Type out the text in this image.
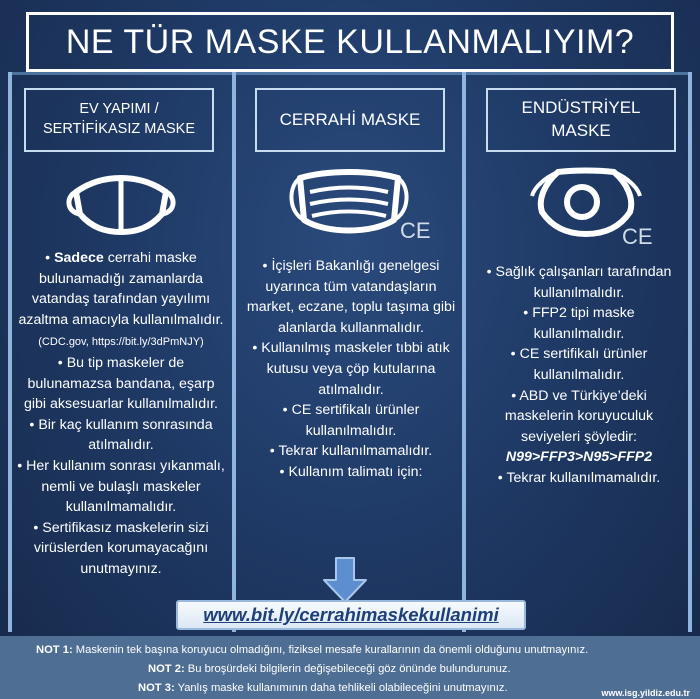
NE TÜR MASKE KULLANMALIYIM?
EV YAPIMI /
SERTİFİKASIZ MASKE
CERRAHİ MASKE
ENDÜSTRİYEL
MASKE
CE	CE

• Sadece cerrahi maske bulunamadığı zamanlarda vatandaş tarafından yayılımı azaltma amacıyla kullanılmalıdır. (CDC.gov, https://bit.ly/3dPmNJY)

• Bu tip maskeler de bulunamazsa bandana, eşarp gibi aksesuarlar kullanılmalıdır.

• Bir kaç kullanım sonrasında atılmalıdır.

• Her kullanım sonrası yıkanmalı, nemli ve bulaşlı maskeler kullanılmamalıdır.

• Sertifikasız maskelerin sizi virüslerden korumayacağını unutmayınız.

• İçişleri Bakanlığı genelgesi uyarınca tüm vatandaşların market, eczane, toplu taşıma gibi alanlarda kullanmalıdır.

• Kullanılmış maskeler tıbbi atık kutusu veya çöp kutularına atılmalıdır.

• CE sertifikalı ürünler kullanılmalıdır.

• Tekrar kullanılmamalıdır.

• Kullanım talimatı için:

• Sağlık çalışanları tarafından kullanılmalıdır.

• FFP2 tipi maske kullanılmalıdır.

• CE sertifikalı ürünler kullanılmalıdır.

• ABD ve Türkiye’deki maskelerin koruyuculuk seviyeleri şöyledir:
N99>FFP3>N95>FFP2

• Tekrar kullanılmamalıdır.

www.bit.ly/cerrahimaskekullanimi
NOT 1: Maskenin tek başına koruyucu olmadığını, fiziksel mesafe kurallarının da önemli olduğunu unutmayınız.
NOT 2: Bu broşürdeki bilgilerin değişebileceği göz önünde bulundurunuz.
NOT 3: Yanlış maske kullanımının daha tehlikeli olabileceğini unutmayınız.	www.isg.yildiz.edu.tr
